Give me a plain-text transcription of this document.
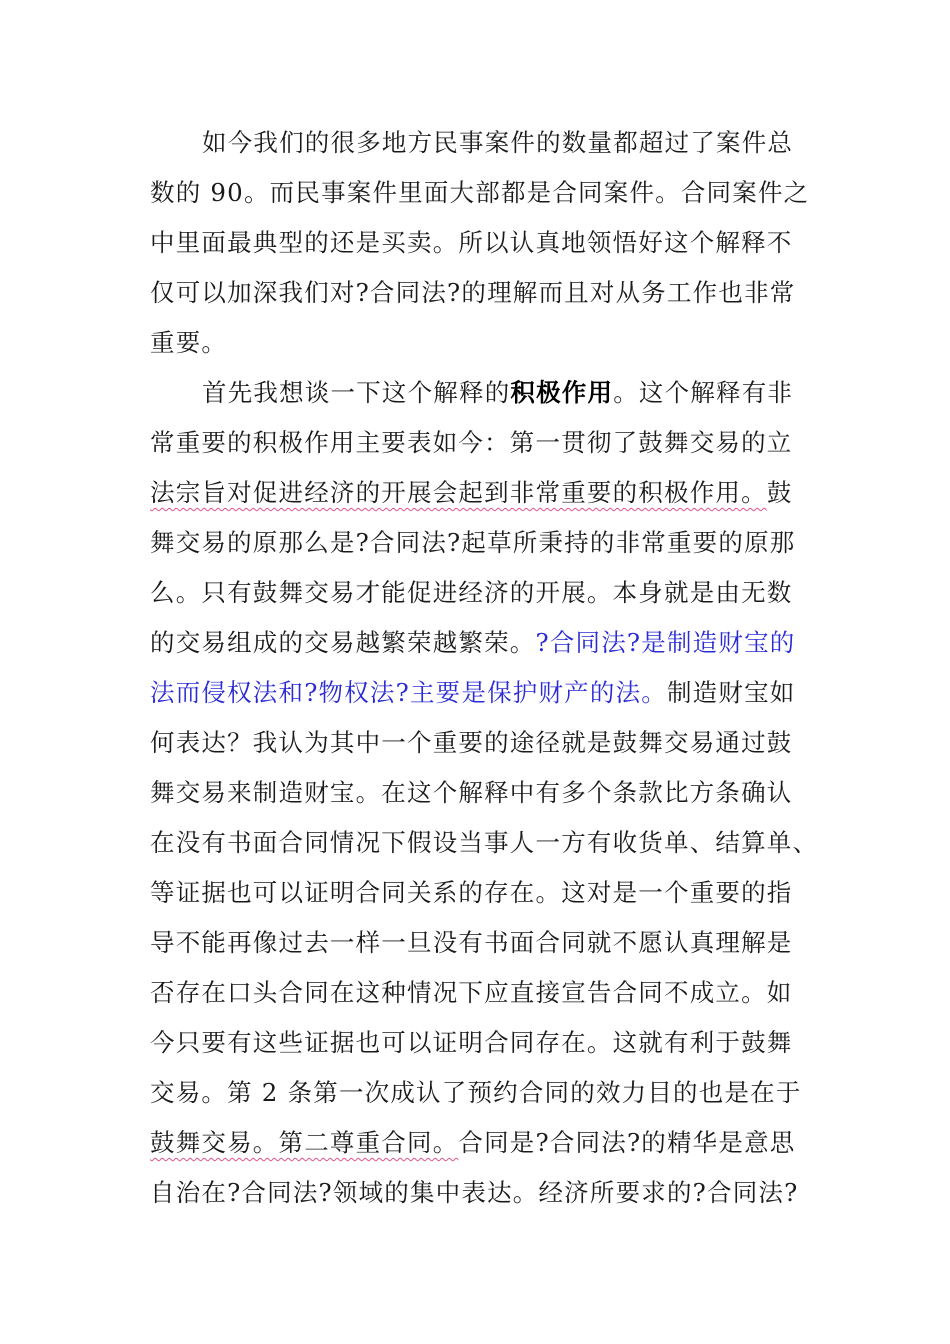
如今我们的很多地方民事案件的数量都超过了案件总
数的 90。而民事案件里面大部都是合同案件。合同案件之
中里面最典型的还是买卖。所以认真地领悟好这个解释不
仅可以加深我们对?合同法?的理解而且对从务工作也非常
重要。
首先我想谈一下这个解释的积极作用。这个解释有非
常重要的积极作用主要表如今：第一贯彻了鼓舞交易的立
法宗旨对促进经济的开展会起到非常重要的积极作用。鼓
舞交易的原那么是?合同法?起草所秉持的非常重要的原那
么。只有鼓舞交易才能促进经济的开展。本身就是由无数
的交易组成的交易越繁荣越繁荣。?合同法?是制造财宝的
法而侵权法和?物权法?主要是保护财产的法。制造财宝如
何表达？我认为其中一个重要的途径就是鼓舞交易通过鼓
舞交易来制造财宝。在这个解释中有多个条款比方条确认
在没有书面合同情况下假设当事人一方有收货单、结算单、
等证据也可以证明合同关系的存在。这对是一个重要的指
导不能再像过去一样一旦没有书面合同就不愿认真理解是
否存在口头合同在这种情况下应直接宣告合同不成立。如
今只要有这些证据也可以证明合同存在。这就有利于鼓舞
交易。第 2 条第一次成认了预约合同的效力目的也是在于
鼓舞交易。第二尊重合同。合同是?合同法?的精华是意思
自治在?合同法?领域的集中表达。经济所要求的?合同法?
